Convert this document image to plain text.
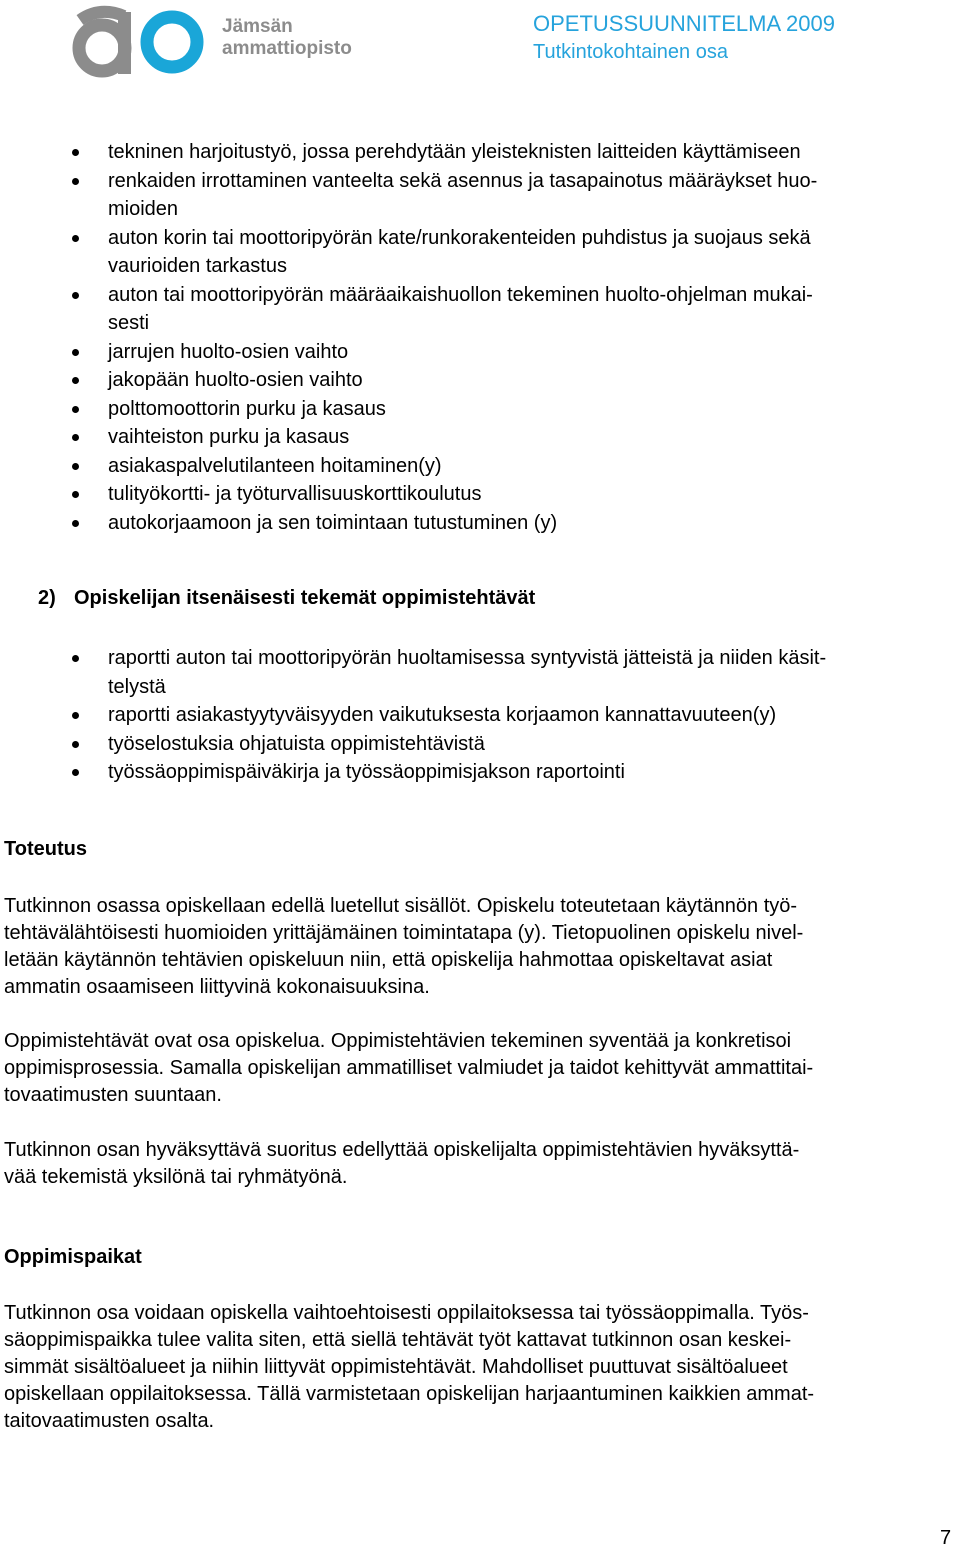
Jämsän
ammattiopisto
OPETUSSUUNNITELMA 2009
Tutkintokohtainen osa
tekninen harjoitustyö, jossa perehdytään yleisteknisten laitteiden käyttämiseen
renkaiden irrottaminen vanteelta sekä asennus ja tasapainotus määräykset huo-
mioiden
auton korin tai moottoripyörän kate/runkorakenteiden puhdistus ja suojaus sekä
vaurioiden tarkastus
auton tai moottoripyörän määräaikaishuollon tekeminen huolto-ohjelman mukai-
sesti
jarrujen huolto-osien vaihto
jakopään huolto-osien vaihto
polttomoottorin purku ja kasaus
vaihteiston purku ja kasaus
asiakaspalvelutilanteen hoitaminen(y)
tulityökortti- ja työturvallisuuskorttikoulutus
autokorjaamoon ja sen toimintaan tutustuminen (y)
2) Opiskelijan itsenäisesti tekemät oppimistehtävät
raportti auton tai moottoripyörän huoltamisessa syntyvistä jätteistä ja niiden käsit-
telystä
raportti asiakastyytyväisyyden vaikutuksesta korjaamon kannattavuuteen(y)
työselostuksia ohjatuista oppimistehtävistä
työssäoppimispäiväkirja ja työssäoppimisjakson raportointi
Toteutus
Tutkinnon osassa opiskellaan edellä luetellut sisällöt. Opiskelu toteutetaan käytännön työ-
tehtävälähtöisesti huomioiden yrittäjämäinen toimintatapa (y). Tietopuolinen opiskelu nivel-
letään käytännön tehtävien opiskeluun niin, että opiskelija hahmottaa opiskeltavat asiat
ammatin osaamiseen liittyvinä kokonaisuuksina.
Oppimistehtävät ovat osa opiskelua. Oppimistehtävien tekeminen syventää ja konkretisoi
oppimisprosessia. Samalla opiskelijan ammatilliset valmiudet ja taidot kehittyvät ammattitai-
tovaatimusten suuntaan.
Tutkinnon osan hyväksyttävä suoritus edellyttää opiskelijalta oppimistehtävien hyväksyttä-
vää tekemistä yksilönä tai ryhmätyönä.
Oppimispaikat
Tutkinnon osa voidaan opiskella vaihtoehtoisesti oppilaitoksessa tai työssäoppimalla. Työs-
säoppimispaikka tulee valita siten, että siellä tehtävät työt kattavat tutkinnon osan keskei-
simmät sisältöalueet ja niihin liittyvät oppimistehtävät. Mahdolliset puuttuvat sisältöalueet
opiskellaan oppilaitoksessa. Tällä varmistetaan opiskelijan harjaantuminen kaikkien ammat-
taitovaatimusten osalta.
7
